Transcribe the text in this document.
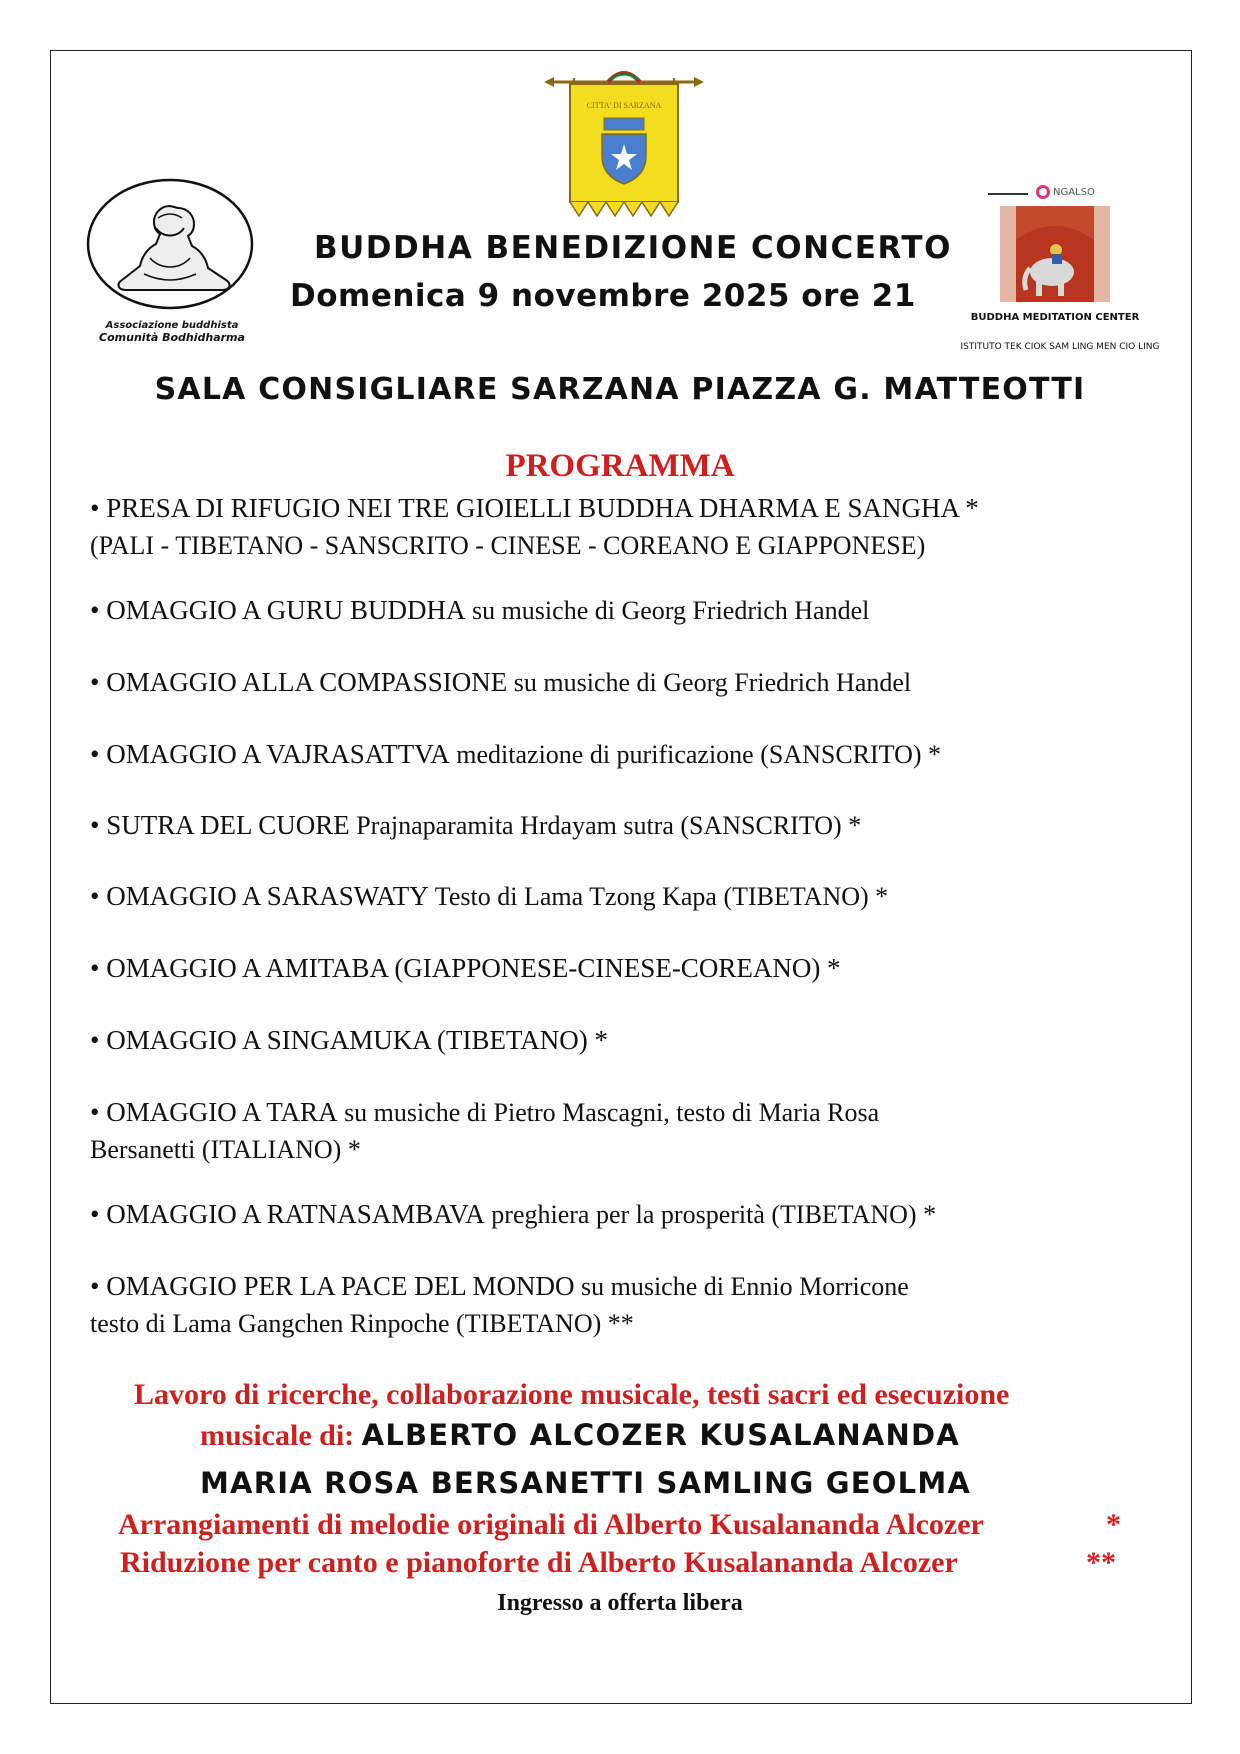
Associazione buddhista
Comunità Bodhidharma
CITTA' DI SARZANA
NGALSO
BUDDHA MEDITATION CENTER
ISTITUTO TEK CIOK SAM LING MEN CIO LING
BUDDHA BENEDIZIONE CONCERTO
Domenica 9 novembre 2025 ore 21
SALA CONSIGLIARE SARZANA PIAZZA G. MATTEOTTI
PROGRAMMA
• PRESA DI RIFUGIO NEI TRE GIOIELLI BUDDHA DHARMA E SANGHA *
(PALI - TIBETANO - SANSCRITO - CINESE - COREANO E GIAPPONESE)
• OMAGGIO A GURU BUDDHA su musiche di Georg Friedrich Handel
• OMAGGIO ALLA COMPASSIONE su musiche di Georg Friedrich Handel
• OMAGGIO A VAJRASATTVA meditazione di purificazione (SANSCRITO) *
• SUTRA DEL CUORE Prajnaparamita Hrdayam sutra (SANSCRITO) *
• OMAGGIO A SARASWATY Testo di Lama Tzong Kapa (TIBETANO) *
• OMAGGIO A AMITABA (GIAPPONESE-CINESE-COREANO) *
• OMAGGIO A SINGAMUKA (TIBETANO) *
• OMAGGIO A TARA su musiche di Pietro Mascagni, testo di Maria Rosa
Bersanetti (ITALIANO) *
• OMAGGIO A RATNASAMBAVA preghiera per la prosperità (TIBETANO) *
• OMAGGIO PER LA PACE DEL MONDO su musiche di Ennio Morricone
testo di Lama Gangchen Rinpoche (TIBETANO) **
Lavoro di ricerche, collaborazione musicale, testi sacri ed esecuzione
musicale di: ALBERTO ALCOZER KUSALANANDA
MARIA ROSA BERSANETTI SAMLING GEOLMA
Arrangiamenti di melodie originali di Alberto Kusalananda Alcozer	*
Riduzione per canto e pianoforte di Alberto Kusalananda Alcozer	**
Ingresso a offerta libera
